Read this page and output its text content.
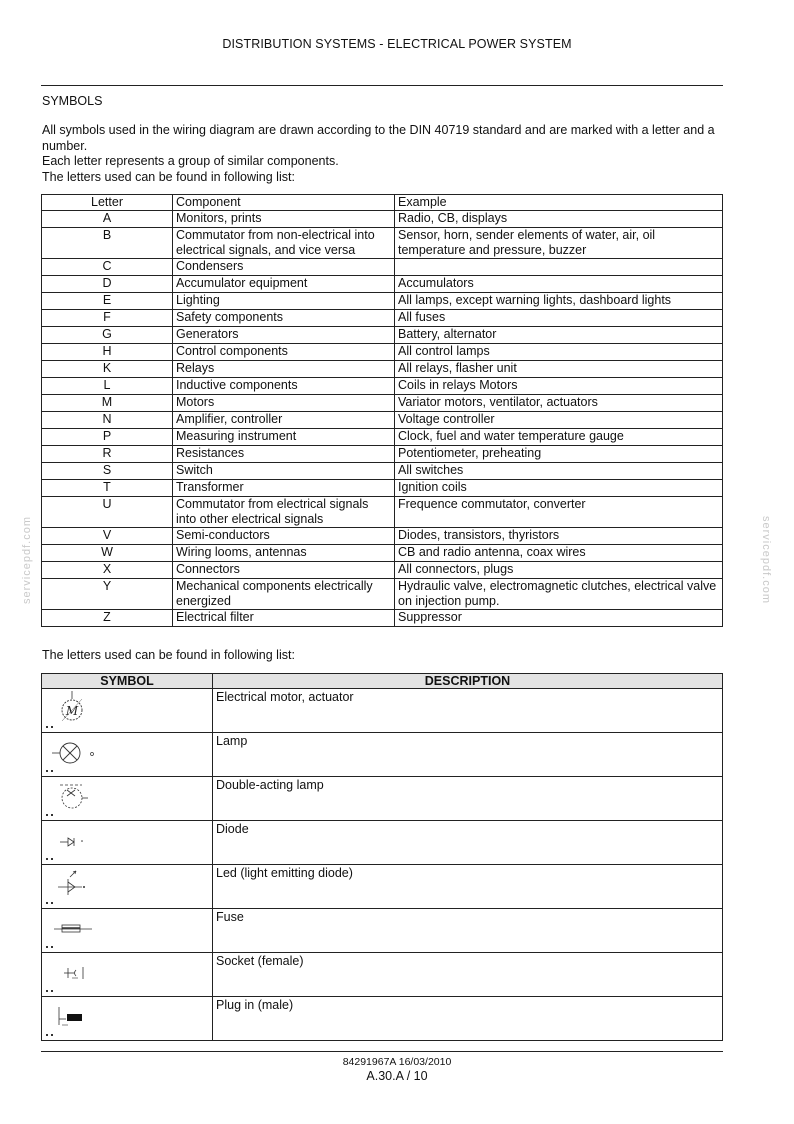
DISTRIBUTION SYSTEMS - ELECTRICAL POWER SYSTEM
SYMBOLS

All symbols used in the wiring diagram are drawn according to the DIN 40719 standard and are marked with a letter and a number.

Each letter represents a group of similar components.

The letters used can be found in following list:

Letter	Component	Example
A	Monitors, prints	Radio, CB, displays
B	Commutator from non-electrical into electrical signals, and vice versa	Sensor, horn, sender elements of water, air, oil temperature and pressure, buzzer
C	Condensers	
D	Accumulator equipment	Accumulators
E	Lighting	All lamps, except warning lights, dashboard lights
F	Safety components	All fuses
G	Generators	Battery, alternator
H	Control components	All control lamps
K	Relays	All relays, flasher unit
L	Inductive components	Coils in relays Motors
M	Motors	Variator motors, ventilator, actuators
N	Amplifier, controller	Voltage controller
P	Measuring instrument	Clock, fuel and water temperature gauge
R	Resistances	Potentiometer, preheating
S	Switch	All switches
T	Transformer	Ignition coils
U	Commutator from electrical signals into other electrical signals	Frequence commutator, converter
V	Semi-conductors	Diodes, transistors, thyristors
W	Wiring looms, antennas	CB and radio antenna, coax wires
X	Connectors	All connectors, plugs
Y	Mechanical components electrically energized	Hydraulic valve, electromagnetic clutches, electrical valve on injection pump.
Z	Electrical filter	Suppressor
The letters used can be found in following list:
SYMBOL	DESCRIPTION

M	Electrical motor, actuator

	Lamp

	Double-acting lamp

	Diode

	Led (light emitting diode)

	Fuse

	Socket (female)

	Plug in (male)
servicepdf.com	servicepdf.com
84291967A 16/03/2010
A.30.A / 10
